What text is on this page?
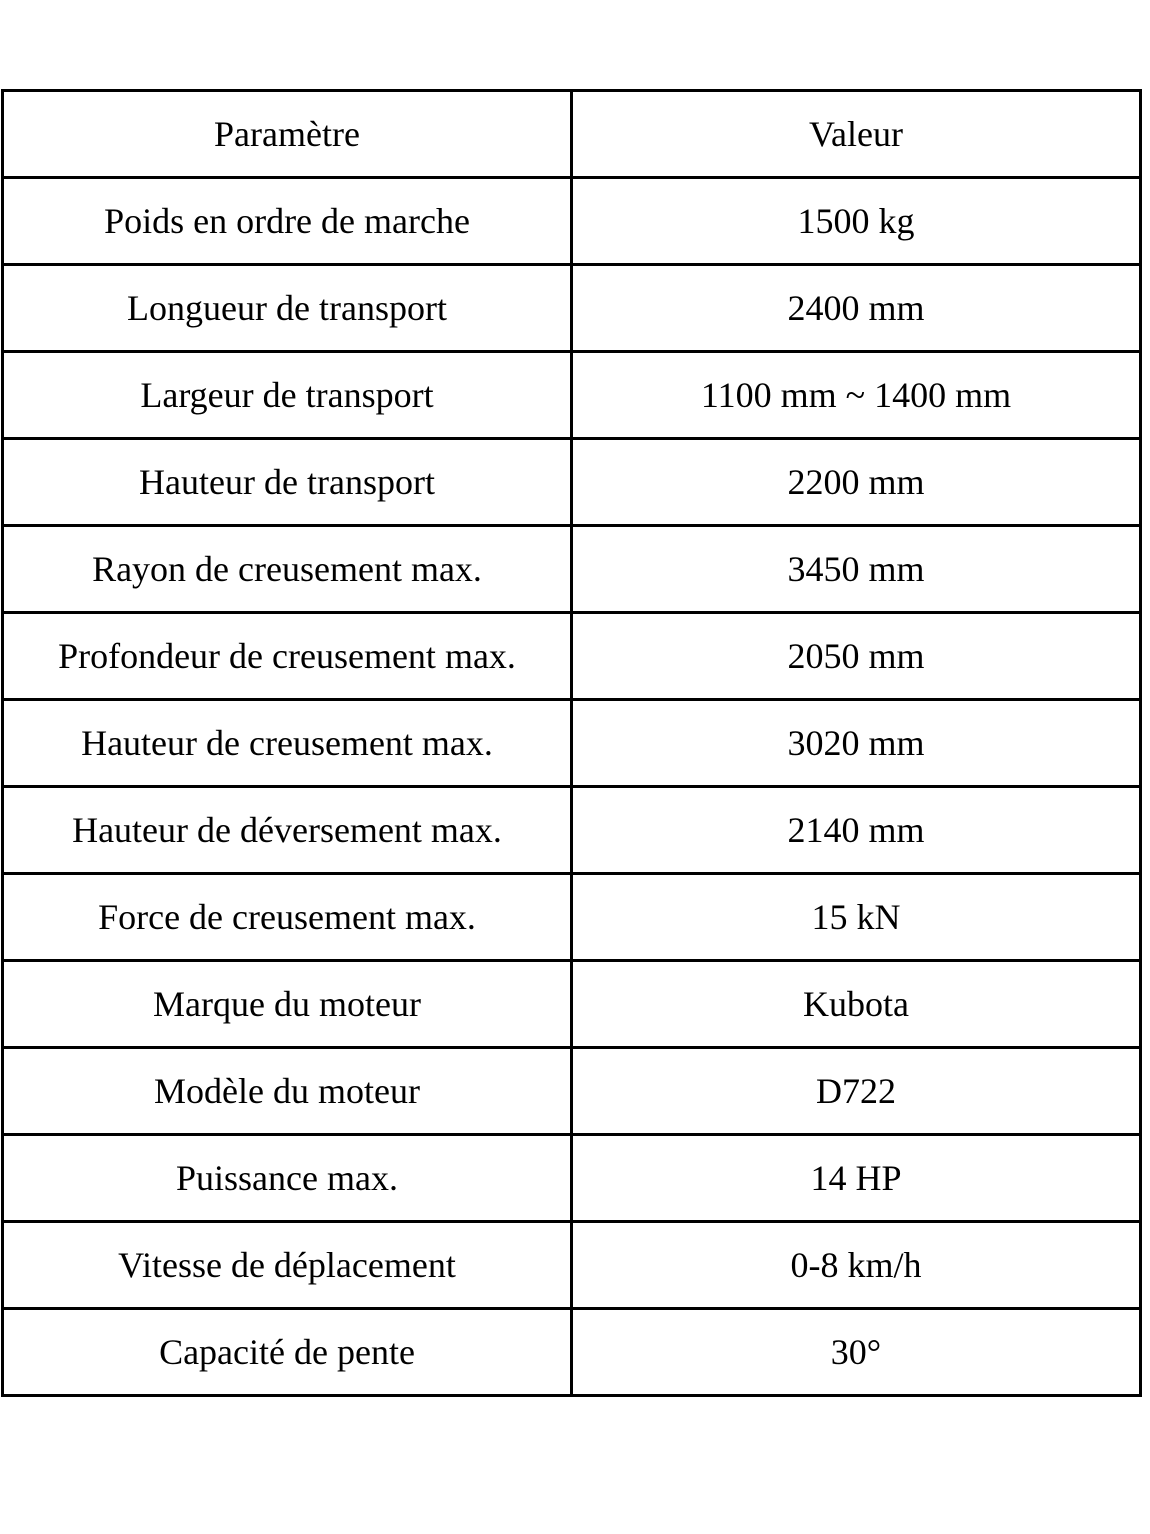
Paramètre	Valeur
Poids en ordre de marche	1500 kg
Longueur de transport	2400 mm
Largeur de transport	1100 mm ~ 1400 mm
Hauteur de transport	2200 mm
Rayon de creusement max.	3450 mm
Profondeur de creusement max.	2050 mm
Hauteur de creusement max.	3020 mm
Hauteur de déversement max.	2140 mm
Force de creusement max.	15 kN
Marque du moteur	Kubota
Modèle du moteur	D722
Puissance max.	14 HP
Vitesse de déplacement	0-8 km/h
Capacité de pente	30°
